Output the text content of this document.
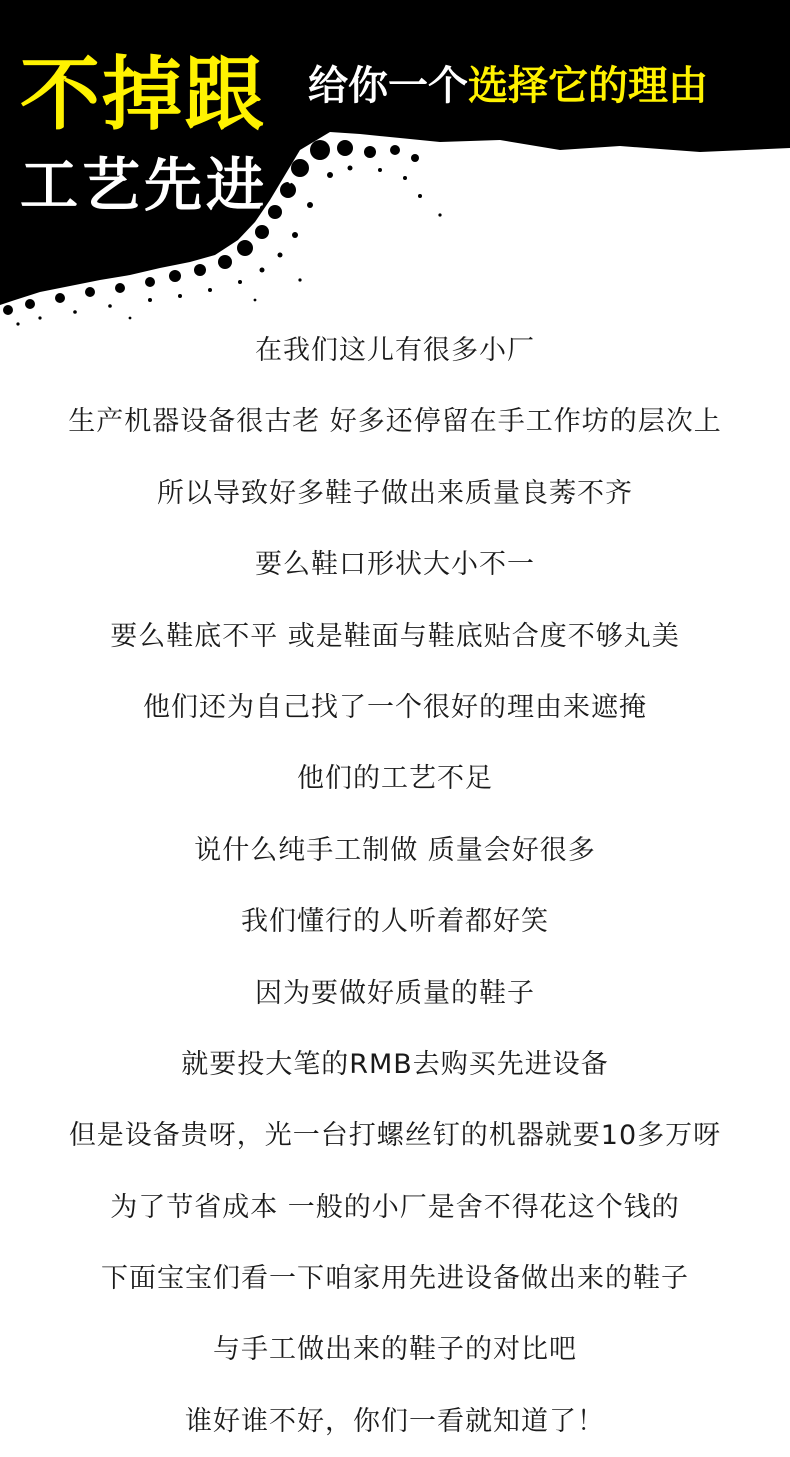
不掉跟
工艺先进
给你一个选择它的理由
在我们这儿有很多小厂
生产机器设备很古老 好多还停留在手工作坊的层次上
所以导致好多鞋子做出来质量良莠不齐
要么鞋口形状大小不一
要么鞋底不平 或是鞋面与鞋底贴合度不够丸美
他们还为自己找了一个很好的理由来遮掩
他们的工艺不足
说什么纯手工制做 质量会好很多
我们懂行的人听着都好笑
因为要做好质量的鞋子
就要投大笔的RMB去购买先进设备
但是设备贵呀，光一台打螺丝钉的机器就要10多万呀
为了节省成本 一般的小厂是舍不得花这个钱的
下面宝宝们看一下咱家用先进设备做出来的鞋子
与手工做出来的鞋子的对比吧
谁好谁不好，你们一看就知道了！
